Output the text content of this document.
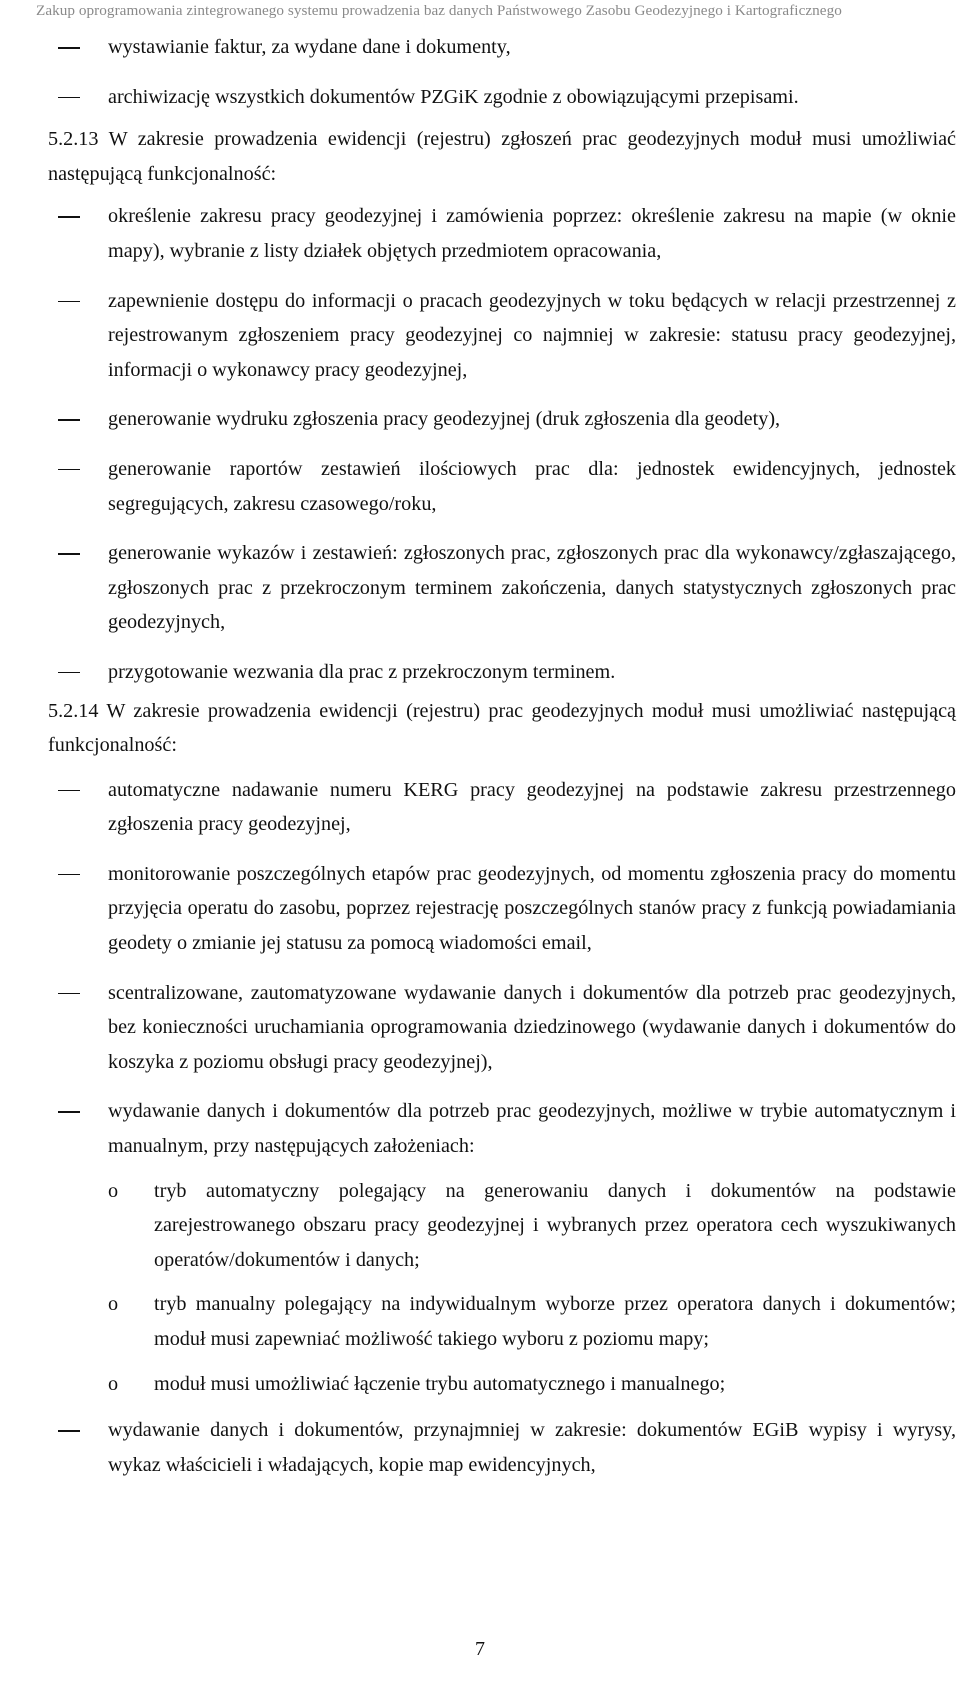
Zakup oprogramowania zintegrowanego systemu prowadzenia baz danych Państwowego Zasobu Geodezyjnego i Kartograficznego
wystawianie faktur, za wydane dane i dokumenty,
archiwizację wszystkich dokumentów PZGiK zgodnie z obowiązującymi przepisami.
5.2.13 W zakresie prowadzenia ewidencji (rejestru) zgłoszeń prac geodezyjnych moduł musi umożliwiać następującą funkcjonalność:
określenie zakresu pracy geodezyjnej i zamówienia poprzez: określenie zakresu na mapie (w oknie mapy), wybranie z listy działek objętych przedmiotem opracowania,
zapewnienie dostępu do informacji o pracach geodezyjnych w toku będących w relacji przestrzennej z rejestrowanym zgłoszeniem pracy geodezyjnej co najmniej w zakresie: statusu pracy geodezyjnej, informacji o wykonawcy pracy geodezyjnej,
generowanie wydruku zgłoszenia pracy geodezyjnej (druk zgłoszenia dla geodety),
generowanie raportów zestawień ilościowych prac dla: jednostek ewidencyjnych, jednostek segregujących, zakresu czasowego/roku,
generowanie wykazów i zestawień: zgłoszonych prac, zgłoszonych prac dla wykonawcy/zgłaszającego, zgłoszonych prac z przekroczonym terminem zakończenia, danych statystycznych zgłoszonych prac geodezyjnych,
przygotowanie wezwania dla prac z przekroczonym terminem.
5.2.14 W zakresie prowadzenia ewidencji (rejestru) prac geodezyjnych moduł musi umożliwiać następującą funkcjonalność:
automatyczne nadawanie numeru KERG pracy geodezyjnej na podstawie zakresu przestrzennego zgłoszenia pracy geodezyjnej,
monitorowanie poszczególnych etapów prac geodezyjnych, od momentu zgłoszenia pracy do momentu przyjęcia operatu do zasobu, poprzez rejestrację poszczególnych stanów pracy z funkcją powiadamiania geodety o zmianie jej statusu za pomocą wiadomości email,
scentralizowane, zautomatyzowane wydawanie danych i dokumentów dla potrzeb prac geodezyjnych, bez konieczności uruchamiania oprogramowania dziedzinowego (wydawanie danych i dokumentów do koszyka z poziomu obsługi pracy geodezyjnej),
wydawanie danych i dokumentów dla potrzeb prac geodezyjnych, możliwe w trybie automatycznym i manualnym, przy następujących założeniach:
o tryb automatyczny polegający na generowaniu danych i dokumentów na podstawie zarejestrowanego obszaru pracy geodezyjnej i wybranych przez operatora cech wyszukiwanych operatów/dokumentów i danych;
o tryb manualny polegający na indywidualnym wyborze przez operatora danych i dokumentów; moduł musi zapewniać możliwość takiego wyboru z poziomu mapy;
o moduł musi umożliwiać łączenie trybu automatycznego i manualnego;
wydawanie danych i dokumentów, przynajmniej w zakresie: dokumentów EGiB wypisy i wyrysy, wykaz właścicieli i władających, kopie map ewidencyjnych,
7
